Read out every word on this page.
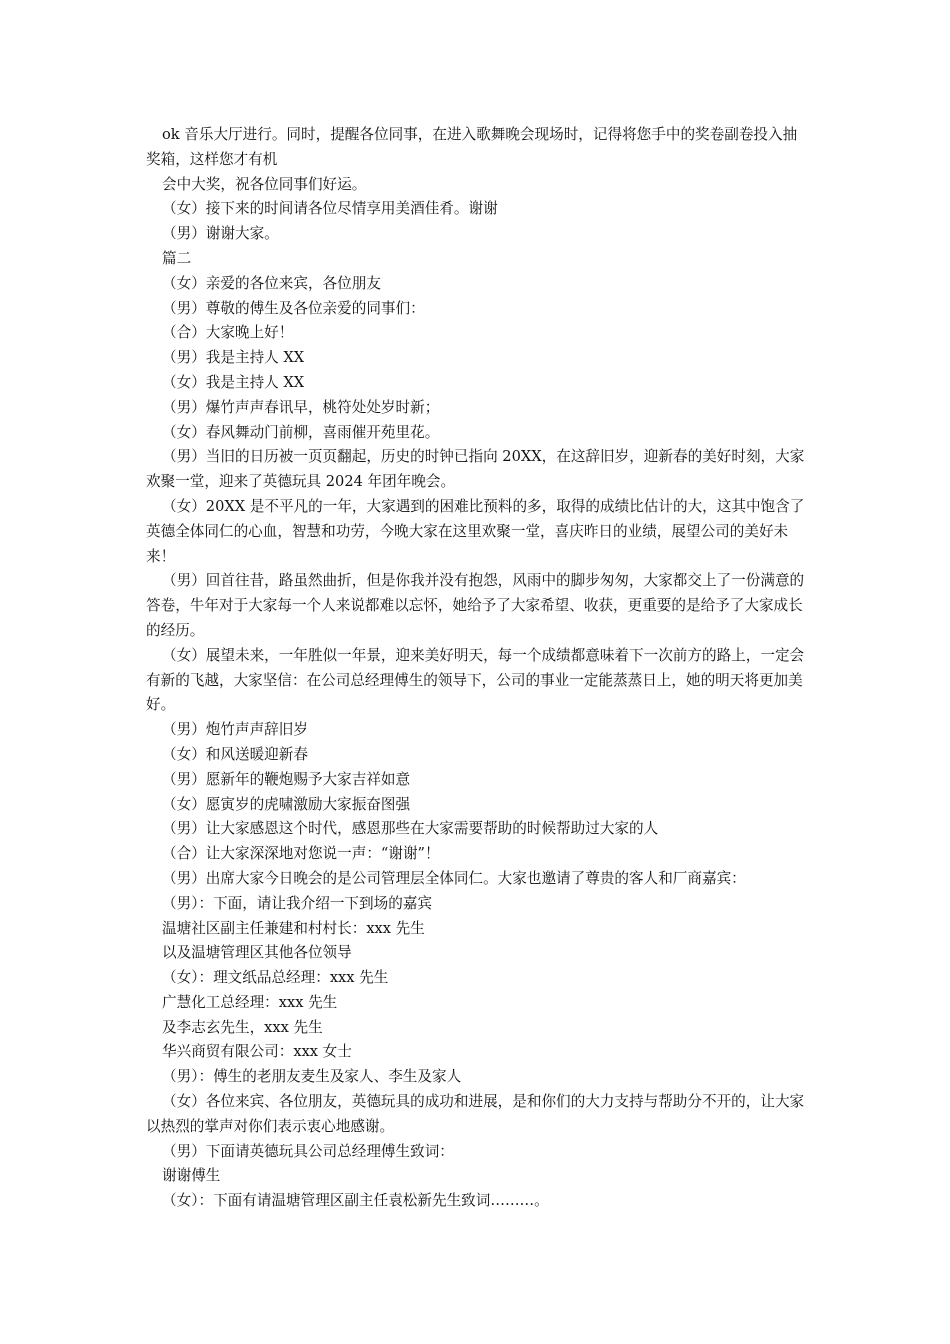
ok 音乐大厅进行。同时，提醒各位同事，在进入歌舞晚会现场时，记得将您手中的奖卷副卷投入抽奖箱，这样您才有机

会中大奖，祝各位同事们好运。

（女）接下来的时间请各位尽情享用美酒佳肴。谢谢

（男）谢谢大家。

篇二

（女）亲爱的各位来宾，各位朋友

（男）尊敬的傅生及各位亲爱的同事们：

（合）大家晚上好！

（男）我是主持人 XX

（女）我是主持人 XX

（男）爆竹声声春讯早，桃符处处岁时新；

（女）春风舞动门前柳，喜雨催开苑里花。

（男）当旧的日历被一页页翻起，历史的时钟已指向 20XX，在这辞旧岁，迎新春的美好时刻，大家欢聚一堂，迎来了英德玩具 2024 年团年晚会。

（女）20XX 是不平凡的一年，大家遇到的困难比预料的多，取得的成绩比估计的大，这其中饱含了英德全体同仁的心血，智慧和功劳，今晚大家在这里欢聚一堂，喜庆昨日的业绩，展望公司的美好未来！

（男）回首往昔，路虽然曲折，但是你我并没有抱怨，风雨中的脚步匆匆，大家都交上了一份满意的答卷，牛年对于大家每一个人来说都难以忘怀，她给予了大家希望、收获，更重要的是给予了大家成长的经历。

（女）展望未来，一年胜似一年景，迎来美好明天，每一个成绩都意味着下一次前方的路上，一定会有新的飞越，大家坚信：在公司总经理傅生的领导下，公司的事业一定能蒸蒸日上，她的明天将更加美好。

（男）炮竹声声辞旧岁

（女）和风送暖迎新春

（男）愿新年的鞭炮赐予大家吉祥如意

（女）愿寅岁的虎啸激励大家振奋图强

（男）让大家感恩这个时代，感恩那些在大家需要帮助的时候帮助过大家的人

（合）让大家深深地对您说一声：“谢谢”！

（男）出席大家今日晚会的是公司管理层全体同仁。大家也邀请了尊贵的客人和厂商嘉宾：

（男）：下面，请让我介绍一下到场的嘉宾

温塘社区副主任兼建和村村长：xxx 先生

以及温塘管理区其他各位领导

（女）：理文纸品总经理：xxx 先生

广慧化工总经理：xxx 先生

及李志玄先生，xxx 先生

华兴商贸有限公司：xxx 女士

（男）：傅生的老朋友麦生及家人、李生及家人

（女）各位来宾、各位朋友，英德玩具的成功和进展，是和你们的大力支持与帮助分不开的，让大家以热烈的掌声对你们表示衷心地感谢。

（男）下面请英德玩具公司总经理傅生致词：

谢谢傅生

（女）：下面有请温塘管理区副主任袁松新先生致词………。
